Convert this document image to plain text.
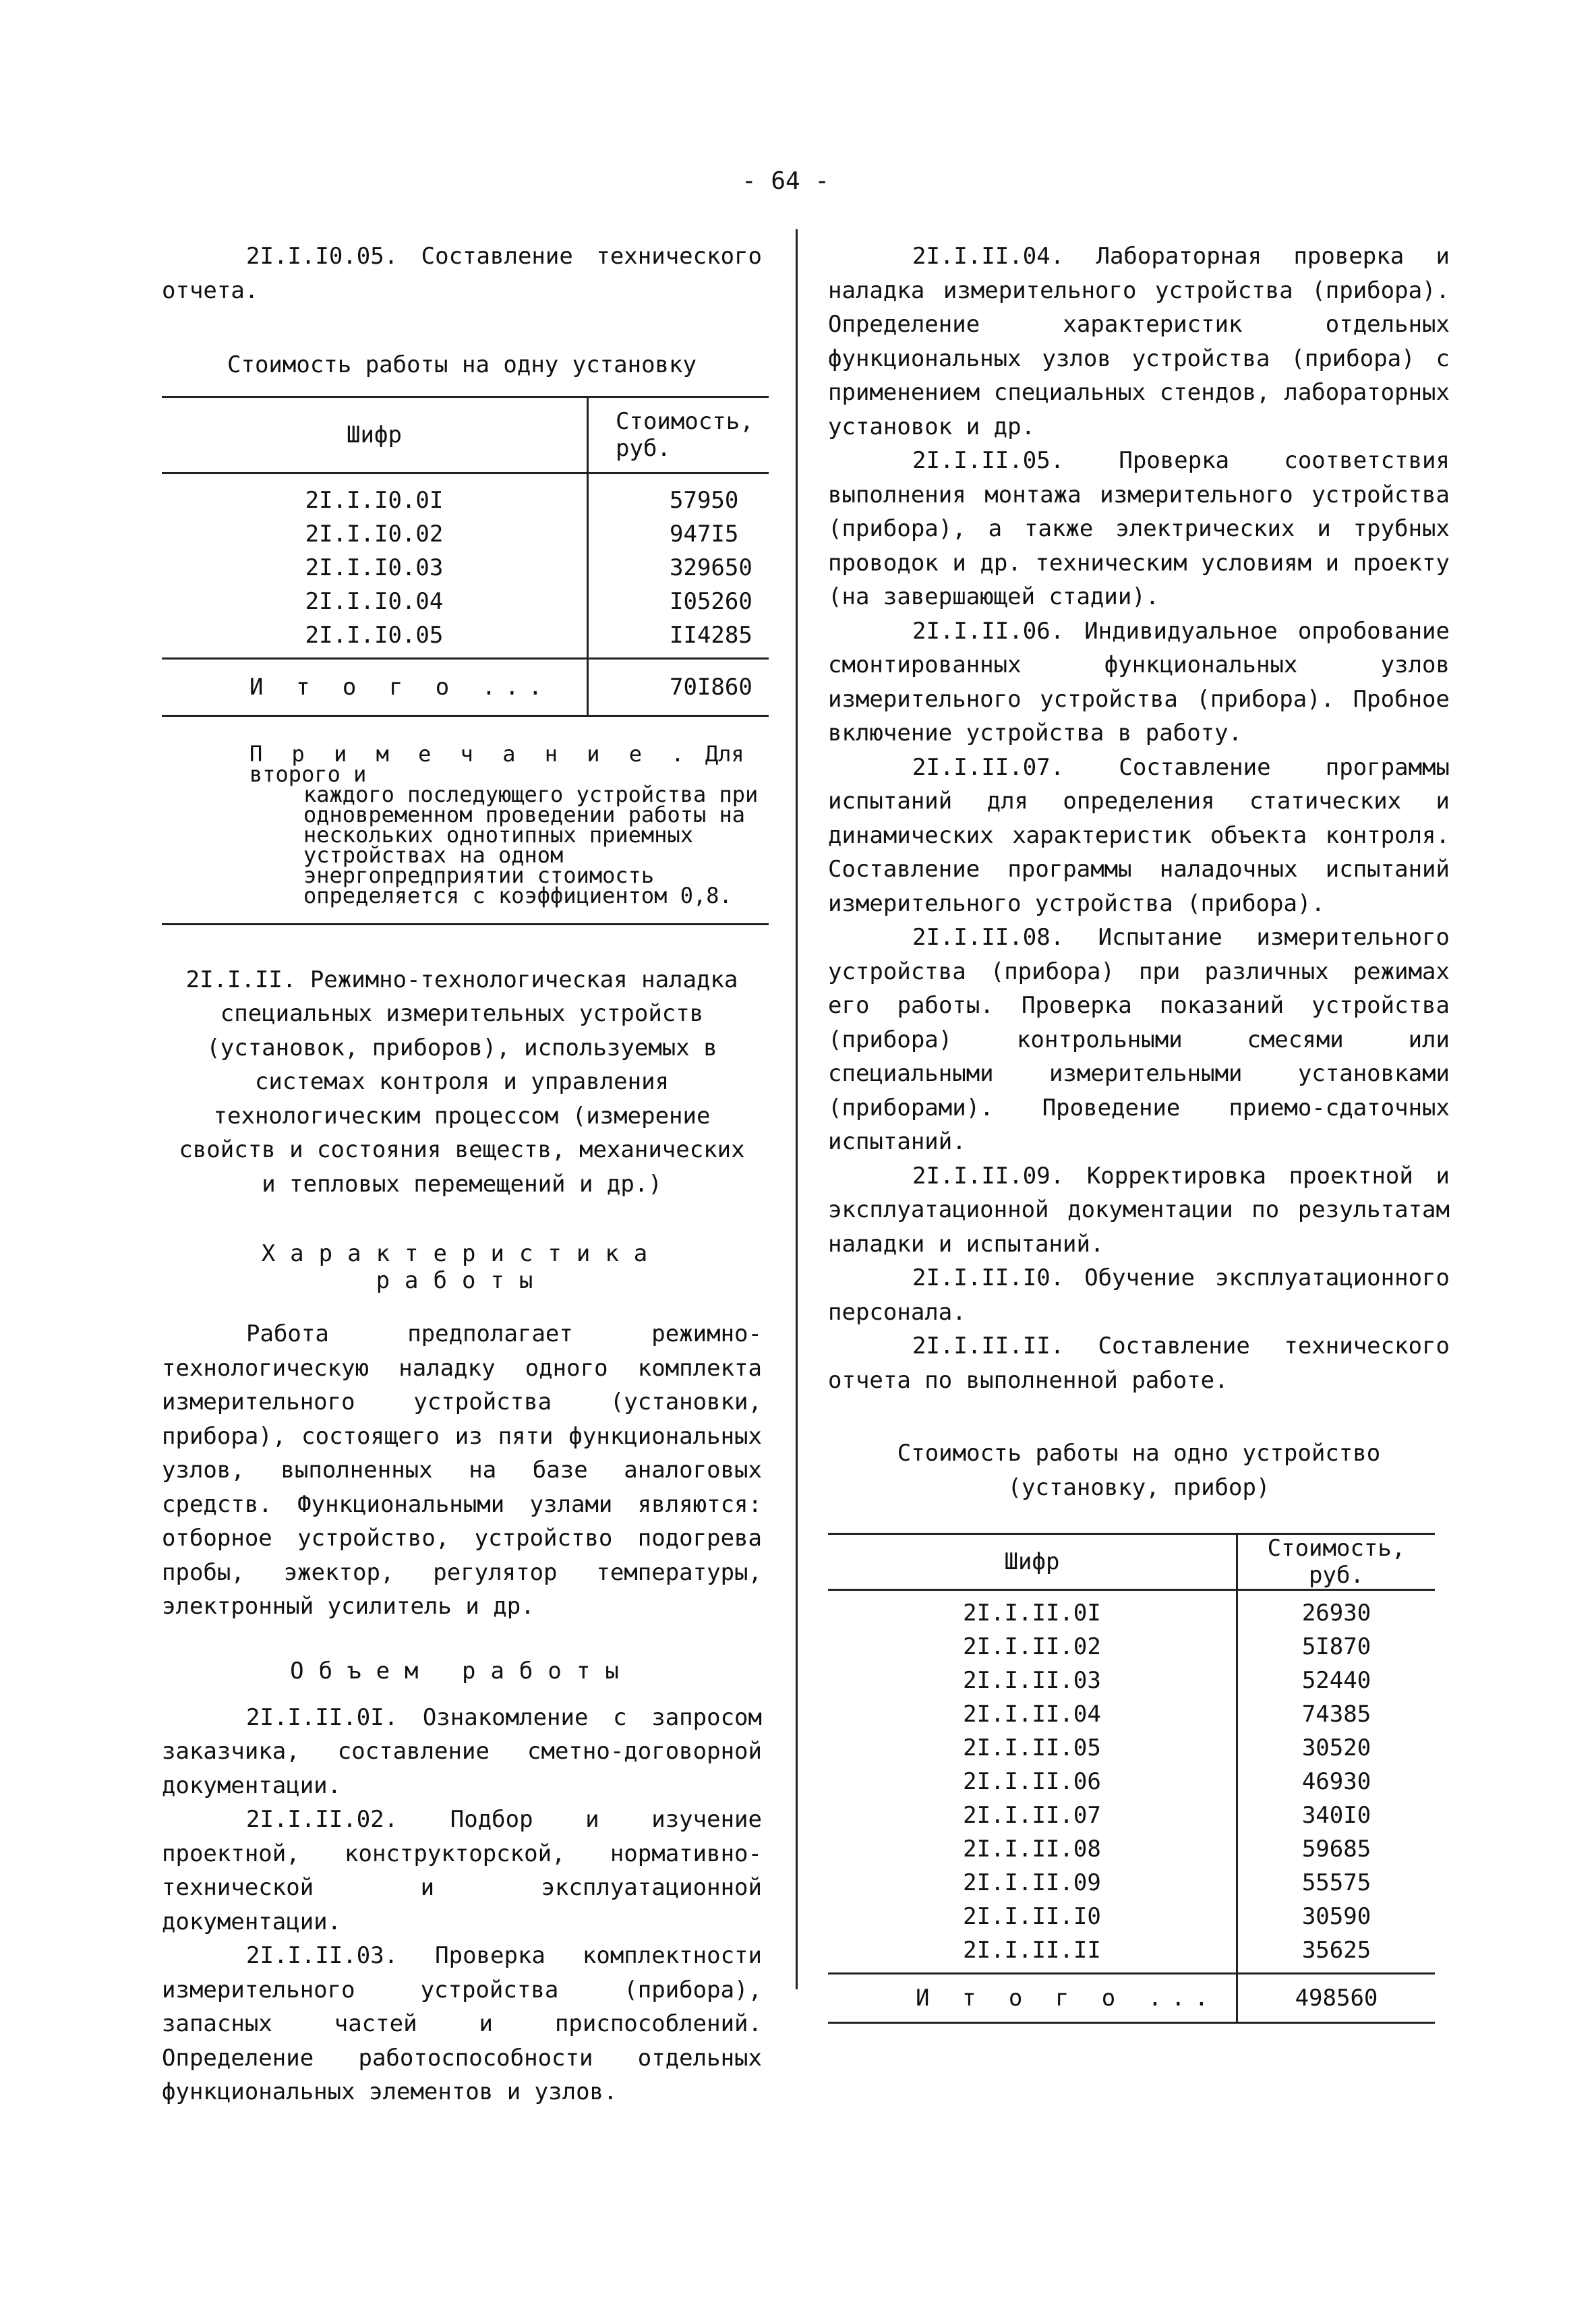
- 64 -

2I.I.I0.05. Составление технического отчета.

Стоимость работы на одну установку

Шифр	Стоимость, руб.
2I.I.I0.0I	57950
2I.I.I0.02	947I5
2I.I.I0.03	329650
2I.I.I0.04	I05260
2I.I.I0.05	II4285
И т о г о ...	70I860
П р и м е ч а н и е . Для второго и
каждого последующего устройства при одновременном проведении работы на нескольких однотипных приемных устройствах на одном энергопредприятии стоимость определяется с коэффициентом 0,8.

2I.I.II. Режимно-технологическая наладка специальных измерительных устройств (установок, приборов), используемых в системах контроля и управления технологическим процессом (измерение свойств и состояния веществ, механических и тепловых перемещений и др.)

Характеристика работы

Работа предполагает режимно-технологическую наладку одного комплекта измерительного устройства (установки, прибора), состоящего из пяти функциональных узлов, выполненных на базе аналоговых средств. Функциональными узлами являются: отборное устройство, устройство подогрева пробы, эжектор, регулятор температуры, электронный усилитель и др.

Объем работы

2I.I.II.0I. Ознакомление с запросом заказчика, составление сметно-договорной документации.

2I.I.II.02. Подбор и изучение проектной, конструкторской, нормативно-технической и эксплуатационной документации.

2I.I.II.03. Проверка комплектности измерительного устройства (прибора), запасных частей и приспособлений. Определение работоспособности отдельных функциональных элементов и узлов.

2I.I.II.04. Лабораторная проверка и наладка измерительного устройства (прибора). Определение характеристик отдельных функциональных узлов устройства (прибора) с применением специальных стендов, лабораторных установок и др.

2I.I.II.05. Проверка соответствия выполнения монтажа измерительного устройства (прибора), а также электрических и трубных проводок и др. техническим условиям и проекту (на завершающей стадии).

2I.I.II.06. Индивидуальное опробование смонтированных функциональных узлов измерительного устройства (прибора). Пробное включение устройства в работу.

2I.I.II.07. Составление программы испытаний для определения статических и динамических характеристик объекта контроля. Составление программы наладочных испытаний измерительного устройства (прибора).

2I.I.II.08. Испытание измерительного устройства (прибора) при различных режимах его работы. Проверка показаний устройства (прибора) контрольными смесями или специальными измерительными установками (приборами). Проведение приемо-сдаточных испытаний.

2I.I.II.09. Корректировка проектной и эксплуатационной документации по результатам наладки и испытаний.

2I.I.II.I0. Обучение эксплуатационного персонала.

2I.I.II.II. Составление технического отчета по выполненной работе.

Стоимость работы на одно устройство

(установку, прибор)

Шифр	Стоимость, руб.
2I.I.II.0I	26930
2I.I.II.02	5I870
2I.I.II.03	52440
2I.I.II.04	74385
2I.I.II.05	30520
2I.I.II.06	46930
2I.I.II.07	340I0
2I.I.II.08	59685
2I.I.II.09	55575
2I.I.II.I0	30590
2I.I.II.II	35625
И т о г о ...	498560
